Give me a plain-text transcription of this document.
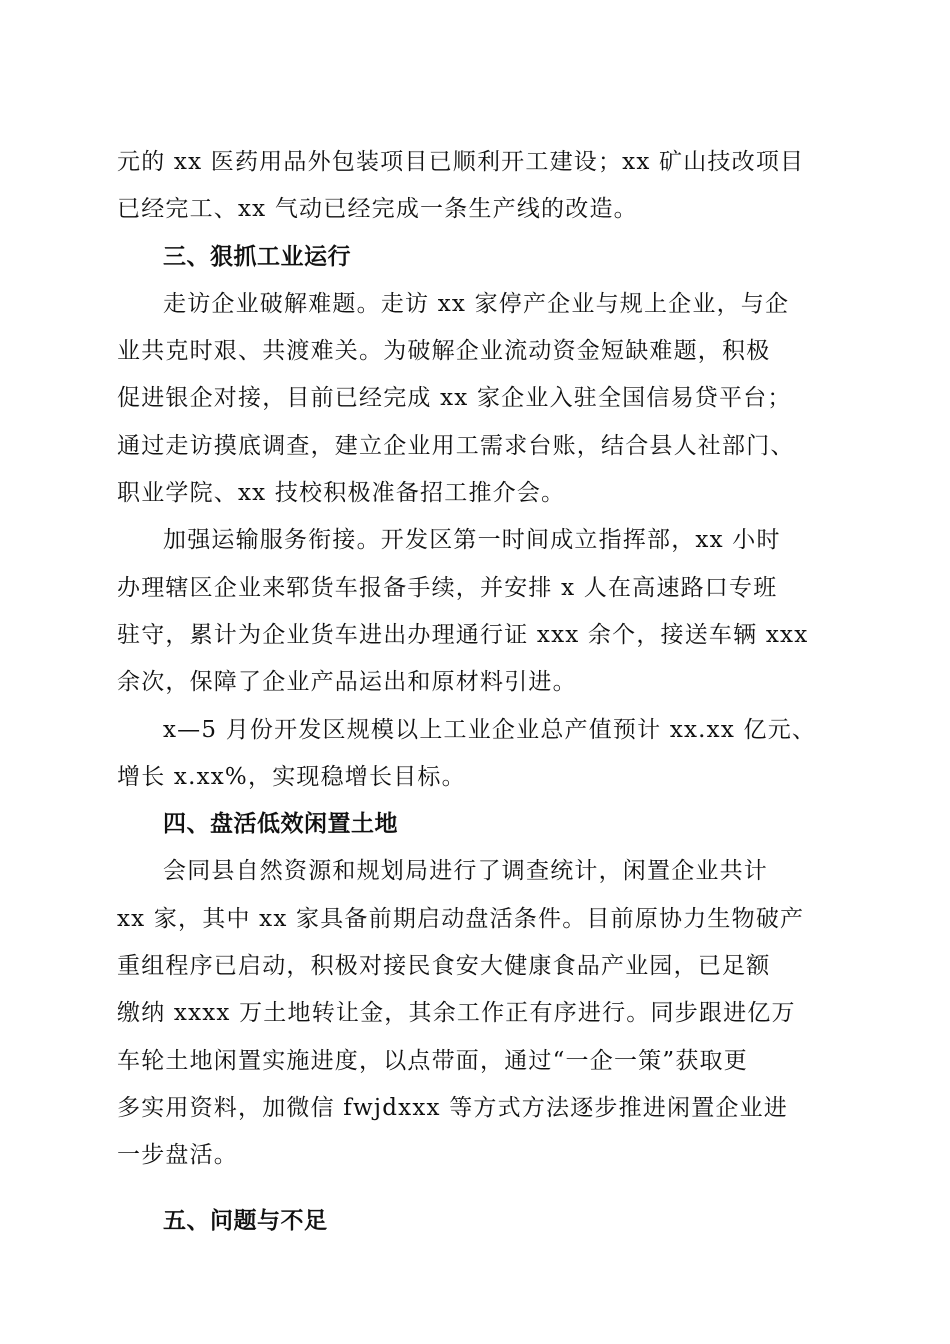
元的 xx 医药用品外包装项目已顺利开工建设；xx 矿山技改项目
已经完工、xx 气动已经完成一条生产线的改造。
三、狠抓工业运行
走访企业破解难题。走访 xx 家停产企业与规上企业，与企
业共克时艰、共渡难关。为破解企业流动资金短缺难题，积极
促进银企对接，目前已经完成 xx 家企业入驻全国信易贷平台；
通过走访摸底调查，建立企业用工需求台账，结合县人社部门、
职业学院、xx 技校积极准备招工推介会。
加强运输服务衔接。开发区第一时间成立指挥部，xx 小时
办理辖区企业来郓货车报备手续，并安排 x 人在高速路口专班
驻守，累计为企业货车进出办理通行证 xxx 余个，接送车辆 xxx
余次，保障了企业产品运出和原材料引进。
x—5 月份开发区规模以上工业企业总产值预计 xx.xx 亿元、
增长 x.xx%，实现稳增长目标。
四、盘活低效闲置土地
会同县自然资源和规划局进行了调查统计，闲置企业共计
xx 家，其中 xx 家具备前期启动盘活条件。目前原协力生物破产
重组程序已启动，积极对接民食安大健康食品产业园，已足额
缴纳 xxxx 万土地转让金，其余工作正有序进行。同步跟进亿万
车轮土地闲置实施进度，以点带面，通过“一企一策”获取更
多实用资料，加微信 fwjdxxx 等方式方法逐步推进闲置企业进
一步盘活。
五、问题与不足
